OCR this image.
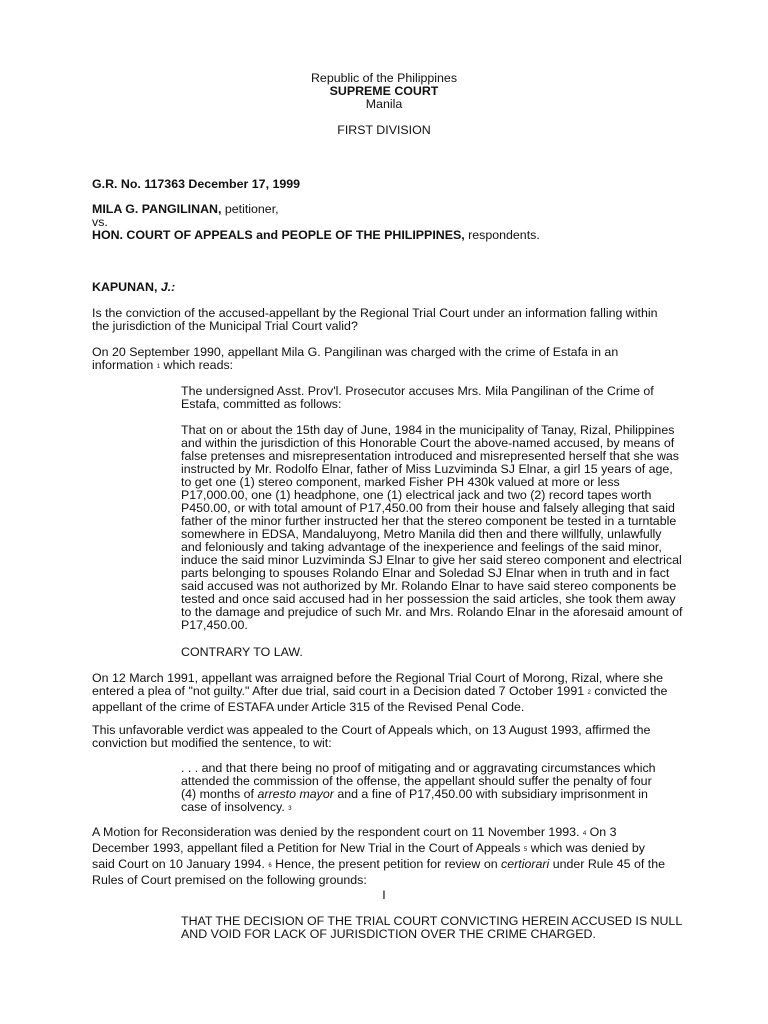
Republic of the Philippines
SUPREME COURT
Manila
FIRST DIVISION
G.R. No. 117363 December 17, 1999
MILA G. PANGILINAN, petitioner,
vs.
HON. COURT OF APPEALS and PEOPLE OF THE PHILIPPINES, respondents.
KAPUNAN, J.:
Is the conviction of the accused-appellant by the Regional Trial Court under an information falling within the jurisdiction of the Municipal Trial Court valid?
On 20 September 1990, appellant Mila G. Pangilinan was charged with the crime of Estafa in an information $^1$ which reads:
The undersigned Asst. Prov'l. Prosecutor accuses Mrs. Mila Pangilinan of the Crime of Estafa, committed as follows:
That on or about the 15th day of June, 1984 in the municipality of Tanay, Rizal, Philippines and within the jurisdiction of this Honorable Court the above-named accused, by means of false pretenses and misrepresentation introduced and misrepresented herself that she was instructed by Mr. Rodolfo Elnar, father of Miss Luzviminda SJ Elnar, a girl 15 years of age, to get one (1) stereo component, marked Fisher PH 430k valued at more or less P17,000.00, one (1) headphone, one (1) electrical jack and two (2) record tapes worth P450.00, or with total amount of P17,450.00 from their house and falsely alleging that said father of the minor further instructed her that the stereo component be tested in a turntable somewhere in EDSA, Mandaluyong, Metro Manila did then and there willfully, unlawfully and feloniously and taking advantage of the inexperience and feelings of the said minor, induce the said minor Luzviminda SJ Elnar to give her said stereo component and electrical parts belonging to spouses Rolando Elnar and Soledad SJ Elnar when in truth and in fact said accused was not authorized by Mr. Rolando Elnar to have said stereo components be tested and once said accused had in her possession the said articles, she took them away to the damage and prejudice of such Mr. and Mrs. Rolando Elnar in the aforesaid amount of P17,450.00.
CONTRARY TO LAW.
On 12 March 1991, appellant was arraigned before the Regional Trial Court of Morong, Rizal, where she entered a plea of "not guilty." After due trial, said court in a Decision dated 7 October 1991 $^2$ convicted the appellant of the crime of ESTAFA under Article 315 of the Revised Penal Code.
This unfavorable verdict was appealed to the Court of Appeals which, on 13 August 1993, affirmed the conviction but modified the sentence, to wit:
. . . and that there being no proof of mitigating and or aggravating circumstances which attended the commission of the offense, the appellant should suffer the penalty of four (4) months of arresto mayor and a fine of P17,450.00 with subsidiary imprisonment in case of insolvency. $^3$
A Motion for Reconsideration was denied by the respondent court on 11 November 1993. $^4$ On 3 December 1993, appellant filed a Petition for New Trial in the Court of Appeals $^5$ which was denied by said Court on 10 January 1994. $^6$ Hence, the present petition for review on certiorari under Rule 45 of the Rules of Court premised on the following grounds:
I
THAT THE DECISION OF THE TRIAL COURT CONVICTING HEREIN ACCUSED IS NULL AND VOID FOR LACK OF JURISDICTION OVER THE CRIME CHARGED.
